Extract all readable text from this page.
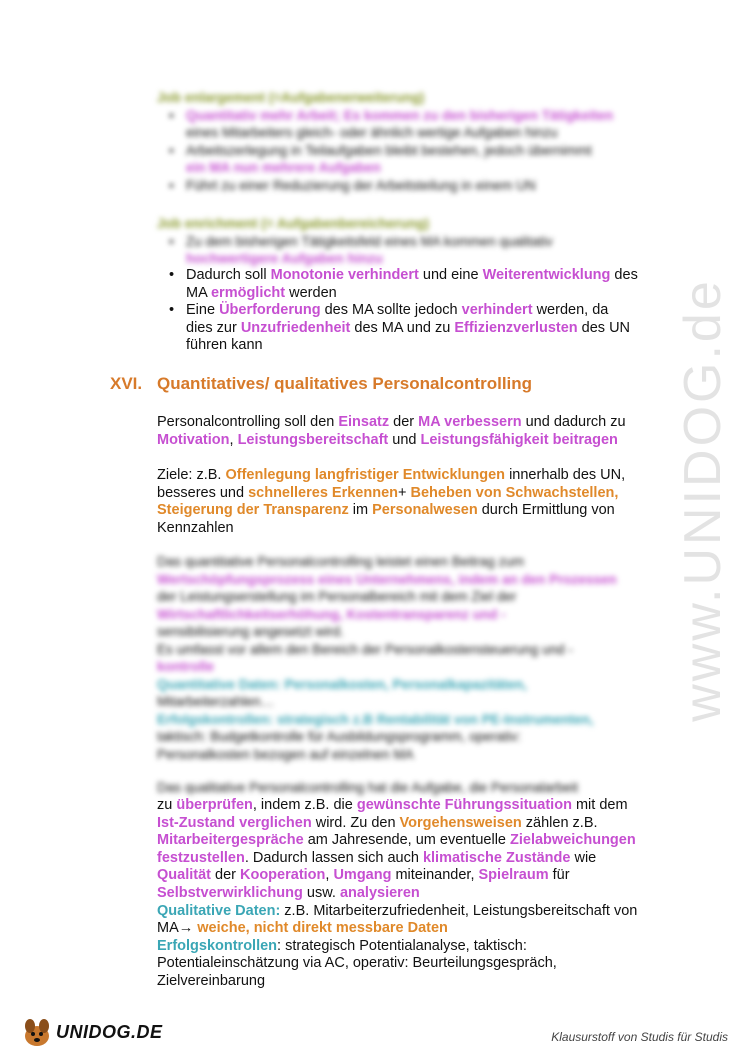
www.UNIDOG.de
Job enlargement (=Aufgabenerweiterung)
• Quantitativ mehr Arbeit; Es kommen zu den bisherigen Tätigkeiten
eines Mitarbeiters gleich- oder ähnlich wertige Aufgaben hinzu
• Arbeitszerlegung in Teilaufgaben bleibt bestehen, jedoch übernimmt
ein MA nun mehrere Aufgaben
• Führt zu einer Reduzierung der Arbeitsteilung in einem UN
Job enrichment (= Aufgabenbereicherung)
• Zu dem bisherigen Tätigkeitsfeld eines MA kommen qualitativ
hochwertigere Aufgaben hinzu
• Dadurch soll Monotonie verhindert und eine Weiterentwicklung des
MA ermöglicht werden
• Eine Überforderung des MA sollte jedoch verhindert werden, da
dies zur Unzufriedenheit des MA und zu Effizienzverlusten des UN
führen kann
XVI. Quantitatives/ qualitatives Personalcontrolling
Personalcontrolling soll den Einsatz der MA verbessern und dadurch zu
Motivation, Leistungsbereitschaft und Leistungsfähigkeit beitragen
Ziele: z.B. Offenlegung langfristiger Entwicklungen innerhalb des UN,
besseres und schnelleres Erkennen+ Beheben von Schwachstellen,
Steigerung der Transparenz im Personalwesen durch Ermittlung von
Kennzahlen
Das quantitative Personalcontrolling leistet einen Beitrag zum
Wertschöpfungsprozess eines Unternehmens, indem an den Prozessen
der Leistungserstellung im Personalbereich mit dem Ziel der
Wirtschaftlichkeitserhöhung, Kostentransparenz und -
sensibilisierung angesetzt wird.
Es umfasst vor allem den Bereich der Personalkostensteuerung und -
kontrolle
Quantitative Daten: Personalkosten, Personalkapazitäten,
Mitarbeiterzahlen…
Erfolgskontrollen: strategisch z.B Rentabilität von PE-Instrumenten,
taktisch: Budgetkontrolle für Ausbildungsprogramm, operativ:
Personalkosten bezogen auf einzelnen MA
Das qualitative Personalcontrolling hat die Aufgabe, die Personalarbeit
zu überprüfen, indem z.B. die gewünschte Führungssituation mit dem
Ist-Zustand verglichen wird. Zu den Vorgehensweisen zählen z.B.
Mitarbeitergespräche am Jahresende, um eventuelle Zielabweichungen
festzustellen. Dadurch lassen sich auch klimatische Zustände wie
Qualität der Kooperation, Umgang miteinander, Spielraum für
Selbstverwirklichung usw. analysieren
Qualitative Daten: z.B. Mitarbeiterzufriedenheit, Leistungsbereitschaft von
MA→ weiche, nicht direkt messbare Daten
Erfolgskontrollen: strategisch Potentialanalyse, taktisch:
Potentialeinschätzung via AC, operativ: Beurteilungsgespräch,
Zielvereinbarung
UNIDOG.DE	Klausurstoff von Studis für Studis
